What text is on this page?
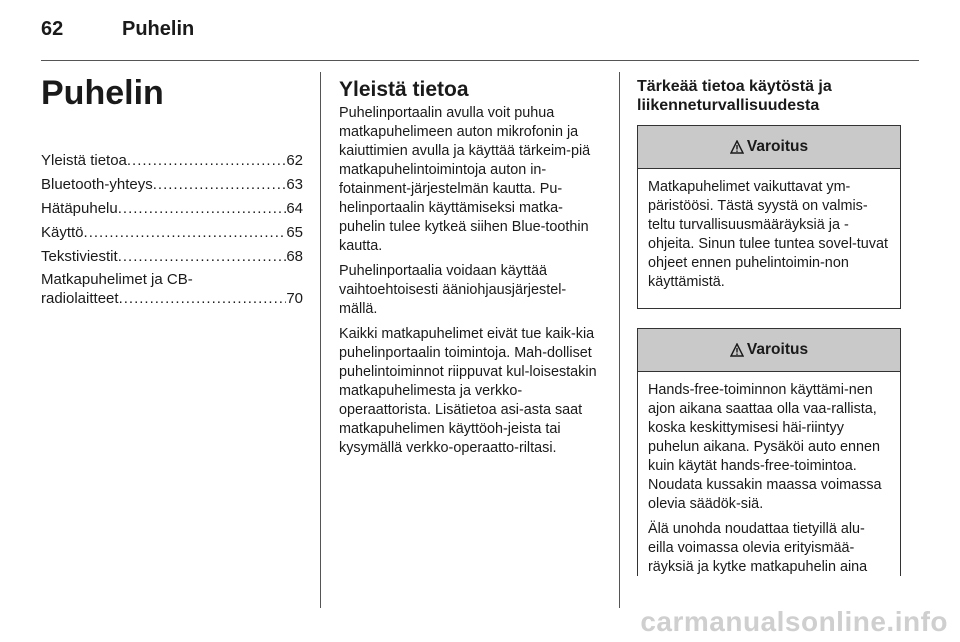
62	Puhelin
Puhelin
Yleistä tietoa .....	62
Bluetooth-yhteys .....	63
Hätäpuhelu .....	64
Käyttö .....	65
Tekstiviestit .....	68
Matkapuhelimet ja CB-
radiolaitteet .....	70
Yleistä tietoa

Puhelinportaalin avulla voit puhua matkapuhelimeen auton mikrofonin ja kaiuttimien avulla ja käyttää tärkeim-piä matkapuhelintoimintoja auton in-fotainment-järjestelmän kautta. Pu-helinportaalin käyttämiseksi matka-puhelin tulee kytkeä siihen Blue-toothin kautta.

Puhelinportaalia voidaan käyttää vaihtoehtoisesti ääniohjausjärjestel-mällä.

Kaikki matkapuhelimet eivät tue kaik-kia puhelinportaalin toimintoja. Mah-dolliset puhelintoiminnot riippuvat kul-loisestakin matkapuhelimesta ja verkko-operaattorista. Lisätietoa asi-asta saat matkapuhelimen käyttöoh-jeista tai kysymällä verkko-operaatto-riltasi.

Tärkeää tietoa käytöstä ja liikenneturvallisuudesta
Varoitus

Matkapuhelimet vaikuttavat ym-päristöösi. Tästä syystä on valmis-teltu turvallisuusmääräyksiä ja -ohjeita. Sinun tulee tuntea sovel-tuvat ohjeet ennen puhelintoimin-non käyttämistä.

Varoitus

Hands-free-toiminnon käyttämi-nen ajon aikana saattaa olla vaa-rallista, koska keskittymisesi häi-riintyy puhelun aikana. Pysäköi auto ennen kuin käytät hands-free-toimintoa. Noudata kussakin maassa voimassa olevia säädök-siä.

Älä unohda noudattaa tietyillä alu-eilla voimassa olevia erityismää-räyksiä ja kytke matkapuhelin aina

carmanualsonline.info
